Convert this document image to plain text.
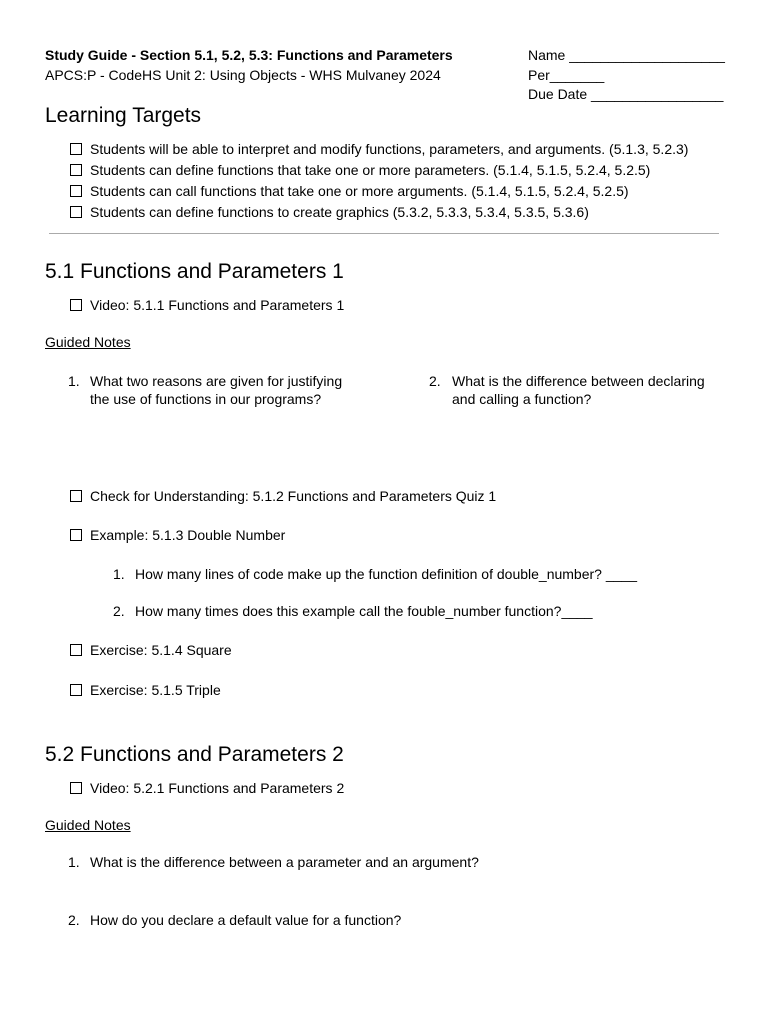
Study Guide - Section 5.1, 5.2, 5.3: Functions and Parameters
APCS:P - CodeHS Unit 2: Using Objects - WHS Mulvaney 2024
Name ____________________
Per_______
Due Date _________________
Learning Targets
Students will be able to interpret and modify functions, parameters, and arguments. (5.1.3, 5.2.3)
Students can define functions that take one or more parameters. (5.1.4, 5.1.5, 5.2.4, 5.2.5)
Students can call functions that take one or more arguments. (5.1.4, 5.1.5, 5.2.4, 5.2.5)
Students can define functions to create graphics (5.3.2, 5.3.3, 5.3.4, 5.3.5, 5.3.6)
5.1 Functions and Parameters 1
Video: 5.1.1 Functions and Parameters 1
Guided Notes
1. What two reasons are given for justifying the use of functions in our programs?
2. What is the difference between declaring and calling a function?
Check for Understanding: 5.1.2 Functions and Parameters Quiz 1
Example: 5.1.3 Double Number
1. How many lines of code make up the function definition of double_number? ____
2. How many times does this example call the fouble_number function?____
Exercise: 5.1.4 Square
Exercise: 5.1.5 Triple
5.2 Functions and Parameters 2
Video: 5.2.1 Functions and Parameters 2
Guided Notes
1. What is the difference between a parameter and an argument?
2. How do you declare a default value for a function?
